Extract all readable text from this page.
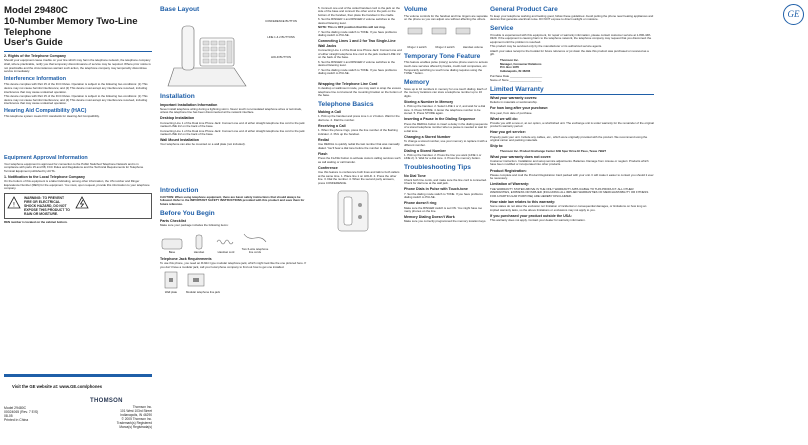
GE
Model 29480C
10-Number Memory Two-Line Telephone
User's Guide
2. Rights of the Telephone Company

Should your equipment cause trouble on your line which may harm the telephone network, the telephone company shall, where practicable, notify you that temporary discontinuance of service may be required. Where prior notice is not practicable and the circumstances warrant such action, the telephone company may temporarily discontinue service immediately.

Interference Information

This device complies with Part 15 of the FCC Rules. Operation is subject to the following two conditions: (1) This device may not cause harmful interference; and (2) This device must accept any interference received, including interference that may cause undesired operation.

This device complies with Part 15 of the FCC Rules. Operation is subject to the following two conditions: (1) This device may not cause harmful interference; and (2) This device must accept any interference received, including interference that may cause undesired operation.

Hearing Aid Compatibility (HAC)

This telephone system meets FCC standards for Hearing Aid Compatibility.

Equipment Approval Information

Your telephone equipment is approved for connection to the Public Switched Telephone Network and is in compliance with parts 15 and 68, FCC Rules and Regulations and the Technical Requirements for Telephone Terminal Equipment published by ACTA.

1. Notification to the Local Telephone Company

On the bottom of this equipment is a label indicating, among other information, the US number and Ringer Equivalence Number (REN) for the equipment. You must, upon request, provide this information to your telephone company.

!
WARNING: TO PREVENT FIRE OR ELECTRICAL SHOCK HAZARD, DO NOT EXPOSE THIS PRODUCT TO RAIN OR MOISTURE.

REN number is located on the cabinet bottom.

Visit the GE website at: www.GE.com/phones
Model 29480C
00024065 (Rev. 7 E/S)
08-05
Printed in China
THOMSON
Thomson Inc.
101 West 103rd Street
Indianapolis, IN 46290
© 2005 Thomson Inc.
Trademark(s) Registered
Marca(s) Registrada(s)
Base Layout
CONFERENCE BUTTON
LINE 1 & 2 BUTTONS
HOLD BUTTON
Installation
Important Installation Information

Never install telephone wiring during a lightning storm. Never touch non-insulated telephone wires or terminals, unless the telephone line has been disconnected at the network interface.

Desktop Installation

Connecting Line 1 of the Dual Line Phone Jack: Connect one end of either straight telephone line cord to the jack marked LINE 1/2 on the back of the base.

Connecting Line 1 of the Dual Line Phone Jack: Connect one end of either straight telephone line cord to the jack marked LINE 1/2 on the back of the base.

Wall Mount Installation

Your telephone can also be mounted on a wall plate (not included).

Introduction

CAUTION: When using telephone equipment, there are basic safety instructions that should always be followed. Refer to the IMPORTANT SAFETY INSTRUCTIONS provided with this product and save them for future reference.

Before You Begin
Parts Checklist

Make sure your package includes the following items:

Base	Handset	Handset cord
Two 6-wire telephone line cords
Telephone Jack Requirements

To use this phone, you need an RJ11C type modular telephone jack, which might look like the one pictured here. If you don't have a modular jack, call your local phone company to find out how to get one installed.

Wall plate	Modular telephone line jack

5. Connect one end of the coiled handset cord to the jack on the side of the base and connect the other end to the jack on the bottom of the handset, then place the handset in the cradle.

6. Set the RINGER 1 and RINGER 2 volume switches to the desired listening level.

NOTE: This is OFF position that this will not ring.

7. Set the dialing mode switch to TONE. If you have problems dialing switch to PULSE.

Connecting Lines 1 and 2 for Two Single-Line Wall Jacks

Connecting Line 1 of the Dual Line Phone Jack: Connect one end of either straight telephone line cord to the jack marked LINE 1/2 on the back of the base.

6. Set the RINGER 1 and RINGER 2 volume switches to the desired listening level.

7. Set the dialing mode switch to TONE. If you have problems dialing switch to PULSE.

Wrapping the Telephone Line Cord

In desktop or wallmount mode, you may want to wrap the excess telephone line cord around the mounting bracket on the bottom of the base.

Telephone Basics
Making a Call

1. Pick up the handset and press Line 1 or 2 button. Wait for the dial tone. 2. Dial the number.

Receiving a Call

1. When the phone rings, press the line number of the flashing indicator. 2. Pick up the handset.

Redial

Use REDIAL to quickly redial the last number that was manually dialed. You'll hear a dial tone before the number is dialed.

Flash

Press the FLASH button to activate custom calling services such as call waiting or call transfer.

Conference

Use this feature to conference both lines and talk to both callers at the same time. 1. Place line 1 on HOLD. 2. Press the other line. 3. Dial the number. 4. When the second party answers, press CONFERENCE.

Volume

The volume controls for the handset and line ringers are separate on the phone so you can adjust one without affecting the others.

Ringer 1 switch	Ringer 2 switch	Handset volume
Temporary Tone Feature

This feature enables pulse (rotary) service phone users to access touch-tone services offered by banks, credit card companies, etc. Temporarily switching to touch tone dialing requires using the TONE * button.

Memory

Store up to 10 numbers in memory for one touch dialing. Each of the memory locations can store a telephone number up to 16 digits.

Storing a Number in Memory

1. Pick up the handset. 2. Select LINE 1 or 2, and wait for a dial tone. 3. Press STORE. 4. Enter the telephone number to be stored. 5. Press STORE again.

Inserting a Pause in the Dialing Sequence

Press the REDIAL button to insert a delay in the dialing sequence of a stored telephone number when a pause is needed to wait for a dial tone.

Changing a Stored Number

To change a stored number, use your memory to replace it with a different number.

Dialing a Stored Number

1. Pick up the handset. 2. Press the line you want (LINE 1 or LINE 2). 3. Wait for a dial tone. 4. Press the memory button.

Troubleshooting Tips
No Dial Tone

Check both line cords, and make sure the line cord is connected. Check for dial tone at the wall jack.

Phone Dials in Pulse with Touch-tone

7. Set the dialing mode switch to TONE. If you have problems dialing switch to PULSE.

Phone doesn't ring

Make sure the RINGER switch is set ON. You might have too many phones on the line.

Memory Dialing Doesn't Work

Make sure you correctly programmed the memory location keys.

General Product Care

To keep your telephone working and looking good, follow these guidelines: Avoid putting the phone near heating appliances and devices that generate electrical noise. DO NOT expose to direct sunlight or moisture.

Service

If trouble is experienced with this equipment, for repair or warranty information, please contact customer service at 1-800-448-0329. If the equipment is causing harm to the telephone network, the telephone company may request that you disconnect the equipment until the problem is resolved.

This product may be serviced only by the manufacturer or its authorized service agents.

Attach your sales receipt to the booklet for future reference or jot down the date this product was purchased or received as a gift.

Thomson Inc.
Manager, Consumer Relations
P.O. Box 1976
Indianapolis, IN 46206
Purchase Date ____________________
Name of Store ____________________
Limited Warranty
What your warranty covers:

Defects in materials or workmanship.

For how long after your purchase:

One year, from date of purchase.

What we will do:

Provide you with a new or, at our option, a refurbished unit. The exchange unit is under warranty for the remainder of the original product's warranty period.

How you get service:

Properly pack your unit. Include any cables, etc., which were originally provided with the product. We recommend using the original carton and packing materials.

Ship to:

Thomson Inc. Product Exchange Center 32B Spur Drive El Paso, Texas 79927

What your warranty does not cover:

Customer instruction. Installation and setup service adjustments. Batteries. Damage from misuse or neglect. Products which have been modified or incorporated into other products.

Product Registration:

Please complete and mail the Product Registration Card packed with your unit. It will make it easier to contact you should it ever be necessary.

Limitation of Warranty:

THE WARRANTY STATED ABOVE IS THE ONLY WARRANTY APPLICABLE TO THIS PRODUCT. ALL OTHER WARRANTIES, EXPRESS OR IMPLIED (INCLUDING ALL IMPLIED WARRANTIES OF MERCHANTABILITY OR FITNESS FOR A PARTICULAR PURPOSE) ARE HEREBY DISCLAIMED.

How state law relates to this warranty:

Some states do not allow the exclusion nor limitation of incidental or consequential damages, or limitations on how long an implied warranty lasts, so the above limitations or exclusions may not apply to you.

If you purchased your product outside the USA:

This warranty does not apply. Contact your dealer for warranty information.
